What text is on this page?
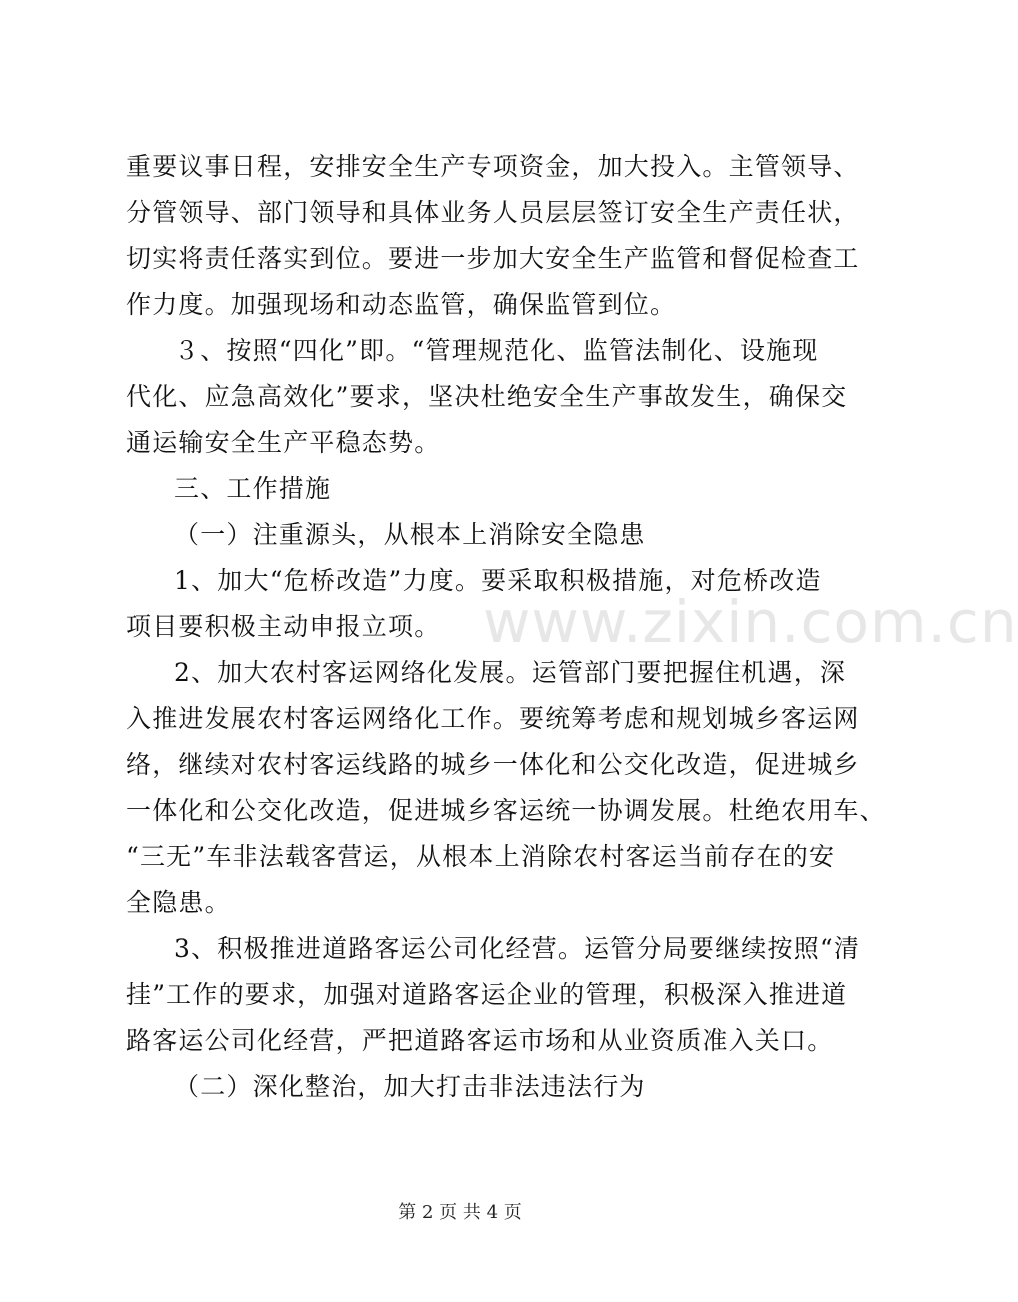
www.zixin.com.cn
重要议事日程，安排安全生产专项资金，加大投入。主管领导、
分管领导、部门领导和具体业务人员层层签订安全生产责任状，
切实将责任落实到位。要进一步加大安全生产监管和督促检查工
作力度。加强现场和动态监管，确保监管到位。
３、按照“四化”即。“管理规范化、监管法制化、设施现
代化、应急高效化”要求，坚决杜绝安全生产事故发生，确保交
通运输安全生产平稳态势。
三、工作措施
（一）注重源头，从根本上消除安全隐患
1、加大“危桥改造”力度。要采取积极措施，对危桥改造
项目要积极主动申报立项。
2、加大农村客运网络化发展。运管部门要把握住机遇，深
入推进发展农村客运网络化工作。要统筹考虑和规划城乡客运网
络，继续对农村客运线路的城乡一体化和公交化改造，促进城乡
一体化和公交化改造，促进城乡客运统一协调发展。杜绝农用车、
“三无”车非法载客营运，从根本上消除农村客运当前存在的安
全隐患。
3、积极推进道路客运公司化经营。运管分局要继续按照“清
挂”工作的要求，加强对道路客运企业的管理，积极深入推进道
路客运公司化经营，严把道路客运市场和从业资质准入关口。
（二）深化整治，加大打击非法违法行为
第 2 页 共 4 页
